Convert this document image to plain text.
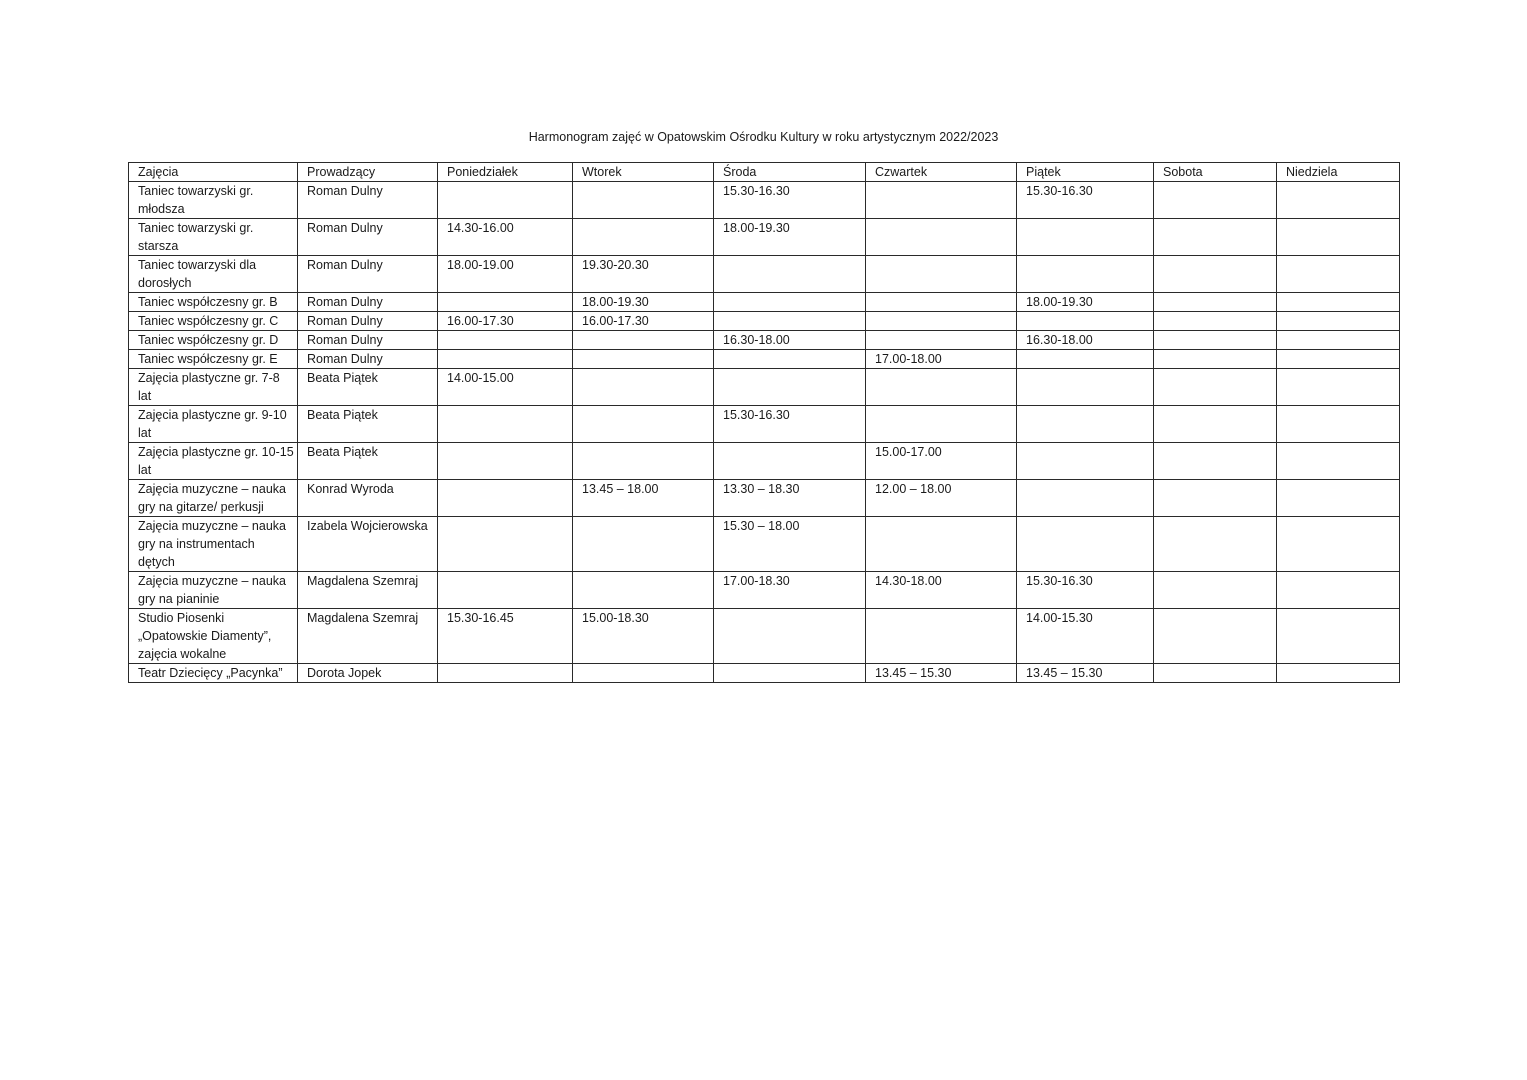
Harmonogram zajęć w Opatowskim Ośrodku Kultury w roku artystycznym 2022/2023
Zajęcia	Prowadzący	Poniedziałek	Wtorek	Środa	Czwartek	Piątek	Sobota	Niedziela
Taniec towarzyski gr. młodsza	Roman Dulny			15.30-16.30		15.30-16.30		
Taniec towarzyski gr. starsza	Roman Dulny	14.30-16.00		18.00-19.30				
Taniec towarzyski dla dorosłych	Roman Dulny	18.00-19.00	19.30-20.30					
Taniec współczesny gr. B	Roman Dulny		18.00-19.30			18.00-19.30		
Taniec współczesny gr. C	Roman Dulny	16.00-17.30	16.00-17.30					
Taniec współczesny gr. D	Roman Dulny			16.30-18.00		16.30-18.00		
Taniec współczesny gr. E	Roman Dulny				17.00-18.00			
Zajęcia plastyczne gr. 7-8 lat	Beata Piątek	14.00-15.00						
Zajęcia plastyczne gr. 9-10 lat	Beata Piątek			15.30-16.30				
Zajęcia plastyczne gr. 10-15 lat	Beata Piątek				15.00-17.00			
Zajęcia muzyczne – nauka gry na gitarze/ perkusji	Konrad Wyroda		13.45 – 18.00	13.30 – 18.30	12.00 – 18.00			
Zajęcia muzyczne – nauka gry na instrumentach dętych	Izabela Wojcierowska			15.30 – 18.00				
Zajęcia muzyczne – nauka gry na pianinie	Magdalena Szemraj			17.00-18.30	14.30-18.00	15.30-16.30		
Studio Piosenki „Opatowskie Diamenty”, zajęcia wokalne	Magdalena Szemraj	15.30-16.45	15.00-18.30			14.00-15.30		
Teatr Dziecięcy „Pacynka”	Dorota Jopek				13.45 – 15.30	13.45 – 15.30		
